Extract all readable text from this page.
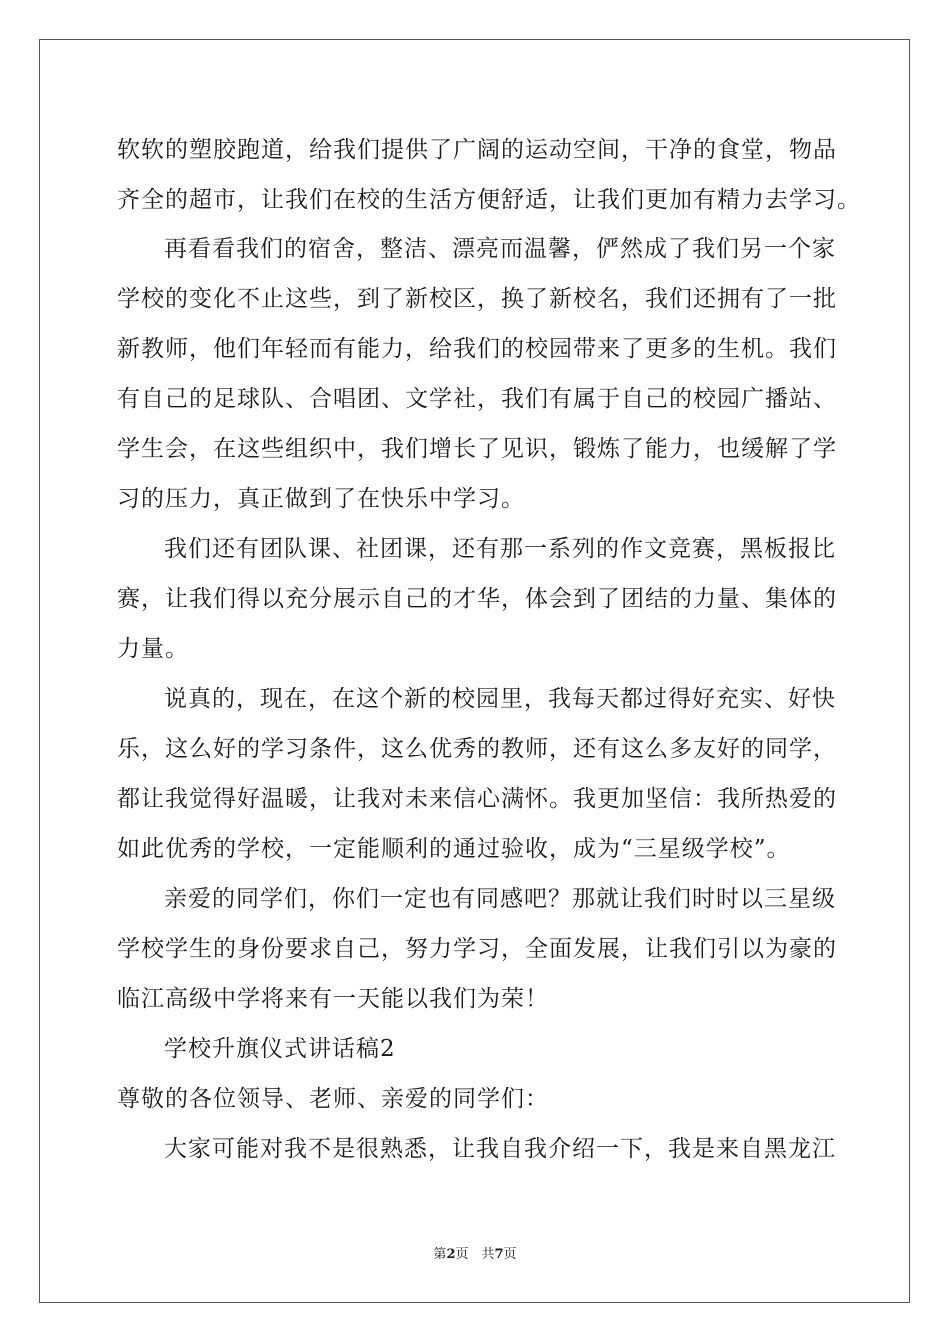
软软的塑胶跑道，给我们提供了广阔的运动空间，干净的食堂，物品
齐全的超市，让我们在校的生活方便舒适，让我们更加有精力去学习。
再看看我们的宿舍，整洁、漂亮而温馨，俨然成了我们另一个家
学校的变化不止这些，到了新校区，换了新校名，我们还拥有了一批
新教师，他们年轻而有能力，给我们的校园带来了更多的生机。我们
有自己的足球队、合唱团、文学社，我们有属于自己的校园广播站、
学生会，在这些组织中，我们增长了见识，锻炼了能力，也缓解了学
习的压力，真正做到了在快乐中学习。
我们还有团队课、社团课，还有那一系列的作文竞赛，黑板报比
赛，让我们得以充分展示自己的才华，体会到了团结的力量、集体的
力量。
说真的，现在，在这个新的校园里，我每天都过得好充实、好快
乐，这么好的学习条件，这么优秀的教师，还有这么多友好的同学，
都让我觉得好温暖，让我对未来信心满怀。我更加坚信：我所热爱的
如此优秀的学校，一定能顺利的通过验收，成为“三星级学校”。
亲爱的同学们，你们一定也有同感吧？那就让我们时时以三星级
学校学生的身份要求自己，努力学习，全面发展，让我们引以为豪的
临江高级中学将来有一天能以我们为荣！
学校升旗仪式讲话稿2
尊敬的各位领导、老师、亲爱的同学们：
大家可能对我不是很熟悉，让我自我介绍一下，我是来自黑龙江
第2页　共7页
